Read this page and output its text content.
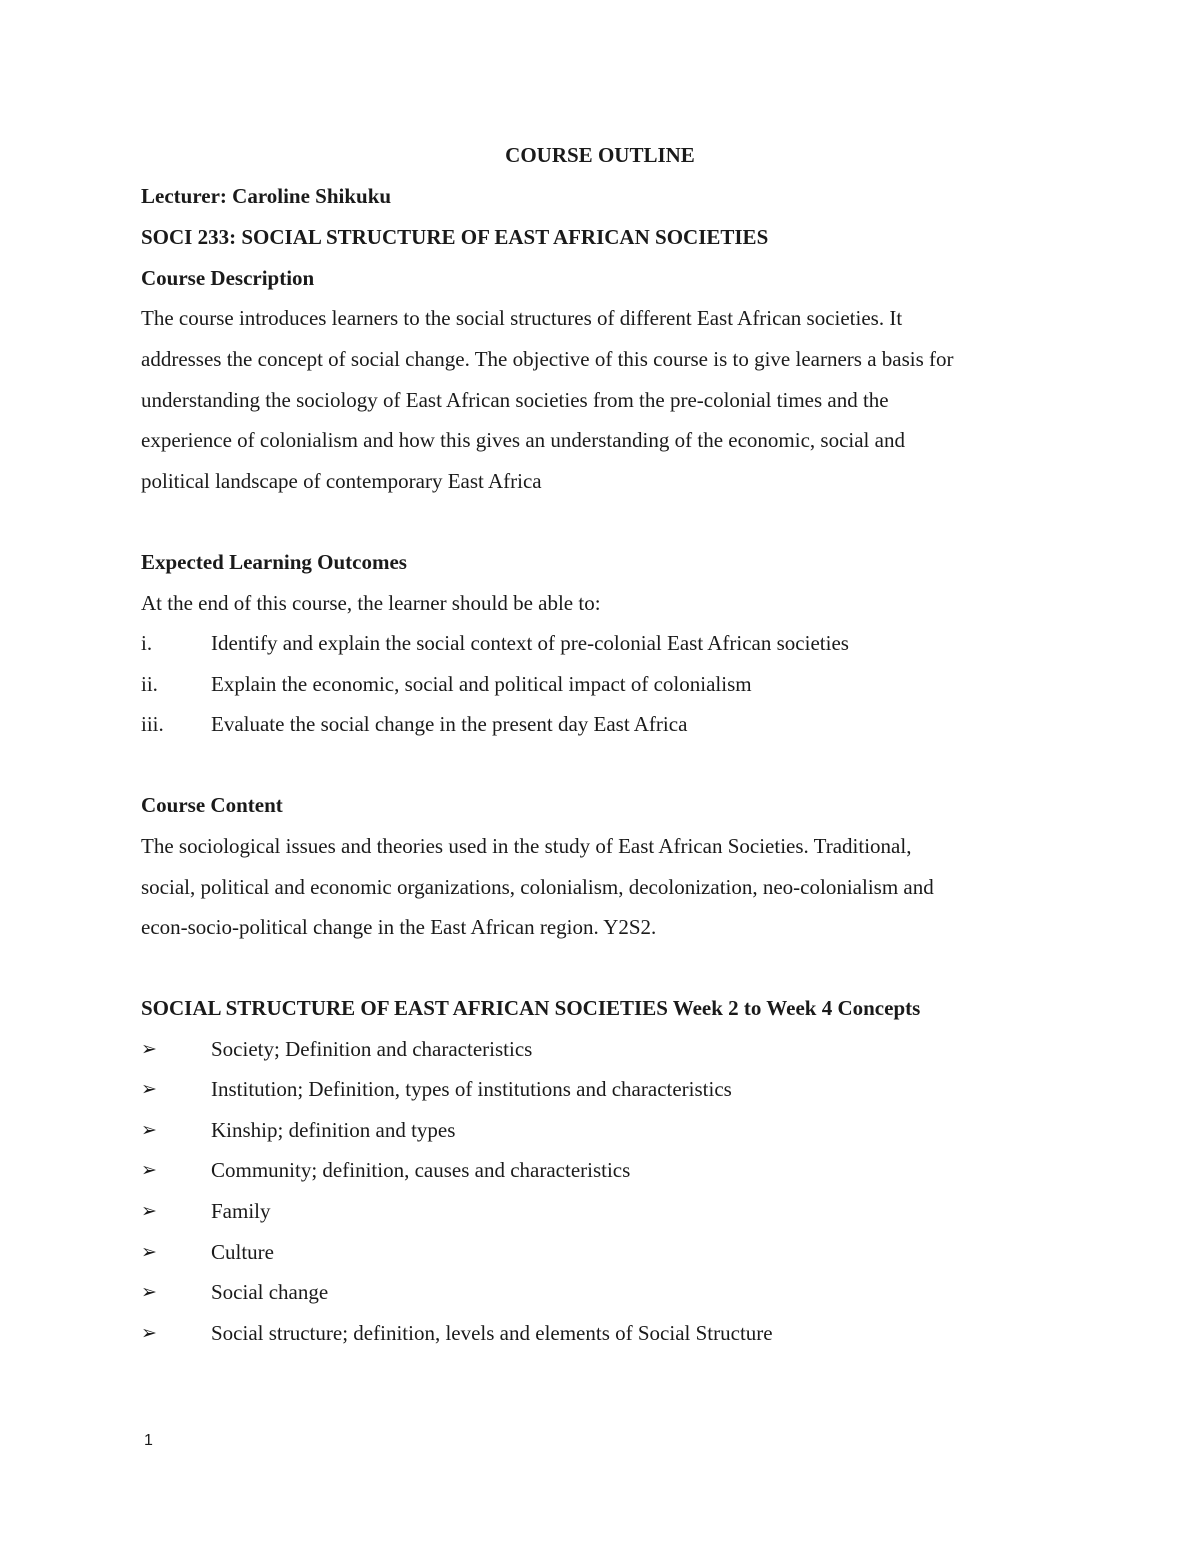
COURSE OUTLINE
Lecturer: Caroline Shikuku
SOCI 233: SOCIAL STRUCTURE OF EAST AFRICAN SOCIETIES
Course Description
The course introduces learners to the social structures of different East African societies. It
addresses the concept of social change. The objective of this course is to give learners a basis for
understanding the sociology of East African societies from the pre-colonial times and the
experience of colonialism and how this gives an understanding of the economic, social and
political landscape of contemporary East Africa
Expected Learning Outcomes
At the end of this course, the learner should be able to:
i.	Identify and explain the social context of pre-colonial East African societies
ii.	Explain the economic, social and political impact of colonialism
iii. Evaluate the social change in the present day East Africa
Course Content
The sociological issues and theories used in the study of East African Societies. Traditional,
social, political and economic organizations, colonialism, decolonization, neo-colonialism and
econ-socio-political change in the East African region. Y2S2.
SOCIAL STRUCTURE OF EAST AFRICAN SOCIETIES Week 2 to Week 4 Concepts
➢	Society; Definition and characteristics
➢	Institution; Definition, types of institutions and characteristics
➢	Kinship; definition and types
➢	Community; definition, causes and characteristics
➢	Family
➢	Culture
➢	Social change
➢	Social structure; definition, levels and elements of Social Structure
1
